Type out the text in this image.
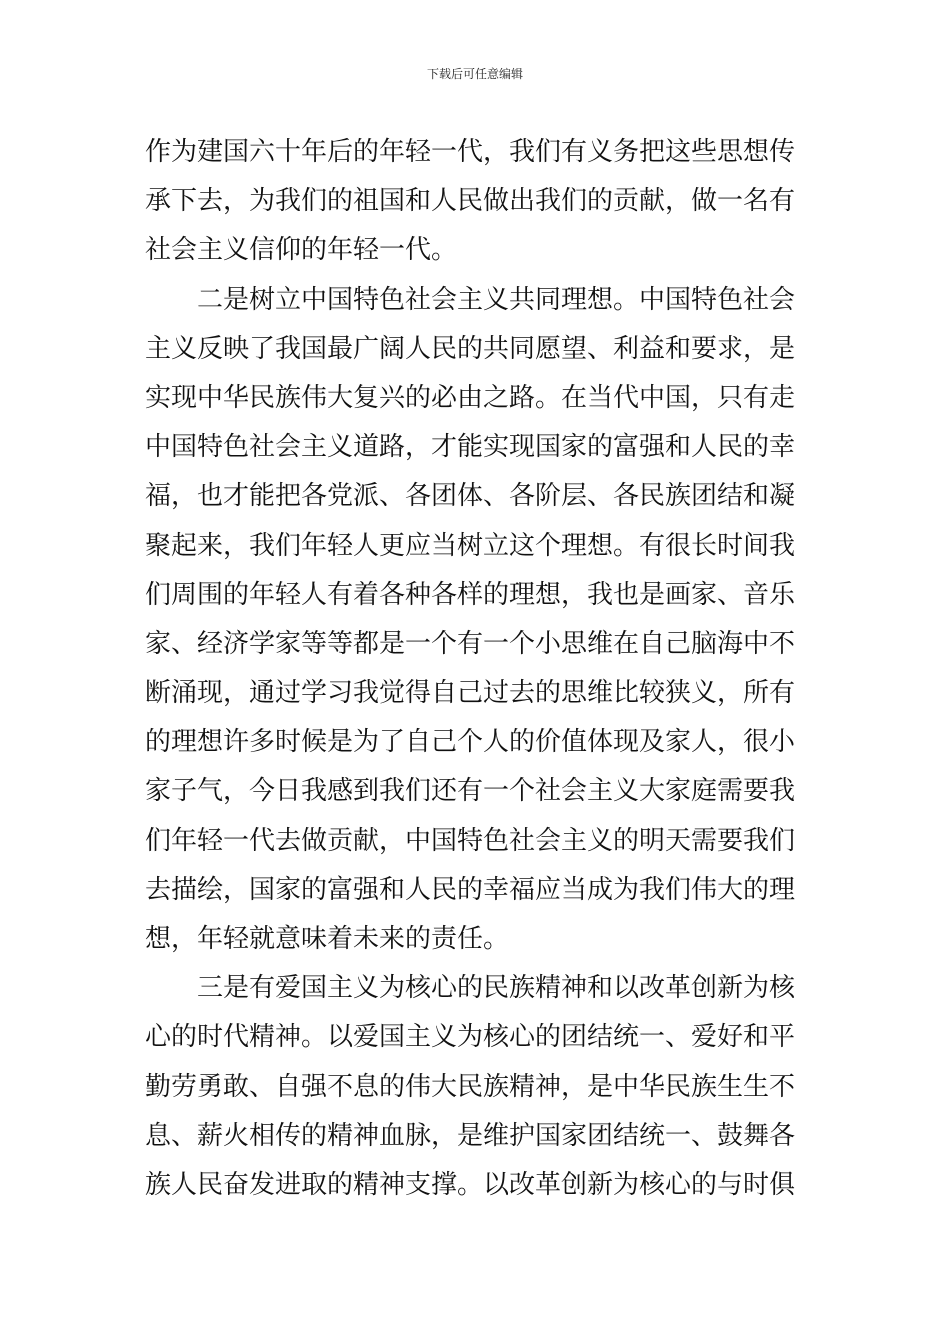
下载后可任意编辑
作为建国六十年后的年轻一代，我们有义务把这些思想传
承下去，为我们的祖国和人民做出我们的贡献，做一名有
社会主义信仰的年轻一代。
　　二是树立中国特色社会主义共同理想。中国特色社会
主义反映了我国最广阔人民的共同愿望、利益和要求，是
实现中华民族伟大复兴的必由之路。在当代中国，只有走
中国特色社会主义道路，才能实现国家的富强和人民的幸
福，也才能把各党派、各团体、各阶层、各民族团结和凝
聚起来，我们年轻人更应当树立这个理想。有很长时间我
们周围的年轻人有着各种各样的理想，我也是画家、音乐
家、经济学家等等都是一个有一个小思维在自己脑海中不
断涌现，通过学习我觉得自己过去的思维比较狭义，所有
的理想许多时候是为了自己个人的价值体现及家人，很小
家子气，今日我感到我们还有一个社会主义大家庭需要我
们年轻一代去做贡献，中国特色社会主义的明天需要我们
去描绘，国家的富强和人民的幸福应当成为我们伟大的理
想，年轻就意味着未来的责任。
　　三是有爱国主义为核心的民族精神和以改革创新为核
心的时代精神。以爱国主义为核心的团结统一、爱好和平
勤劳勇敢、自强不息的伟大民族精神，是中华民族生生不
息、薪火相传的精神血脉，是维护国家团结统一、鼓舞各
族人民奋发进取的精神支撑。以改革创新为核心的与时俱
